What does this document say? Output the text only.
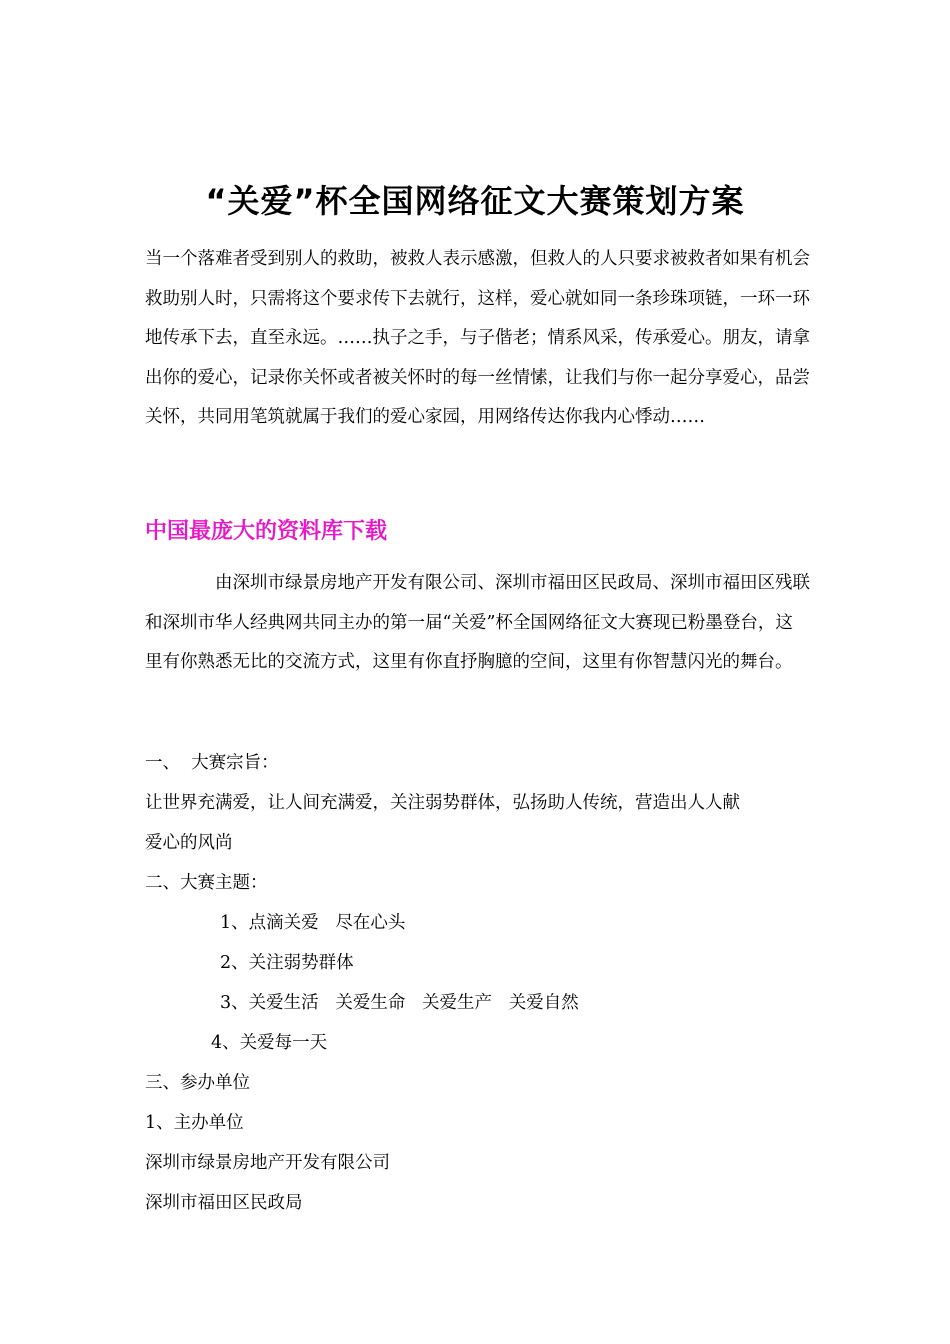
“关爱”杯全国网络征文大赛策划方案
当一个落难者受到别人的救助，被救人表示感激，但救人的人只要求被救者如果有机会救助别人时，只需将这个要求传下去就行，这样，爱心就如同一条珍珠项链，一环一环地传承下去，直至永远。……执子之手，与子偕老；情系风采，传承爱心。朋友，请拿出你的爱心，记录你关怀或者被关怀时的每一丝情愫，让我们与你一起分享爱心，品尝关怀，共同用笔筑就属于我们的爱心家园，用网络传达你我内心悸动……
中国最庞大的资料库下载
由深圳市绿景房地产开发有限公司、深圳市福田区民政局、深圳市福田区残联和深圳市华人经典网共同主办的第一届“关爱”杯全国网络征文大赛现已粉墨登台，这里有你熟悉无比的交流方式，这里有你直抒胸臆的空间，这里有你智慧闪光的舞台。
一、  大赛宗旨：
让世界充满爱，让人间充满爱，关注弱势群体，弘扬助人传统，营造出人人献
爱心的风尚
二、大赛主题：
1、点滴关爱   尽在心头
2、关注弱势群体
3、关爱生活   关爱生命   关爱生产   关爱自然
4、关爱每一天
三、参办单位
1、主办单位
深圳市绿景房地产开发有限公司
深圳市福田区民政局
